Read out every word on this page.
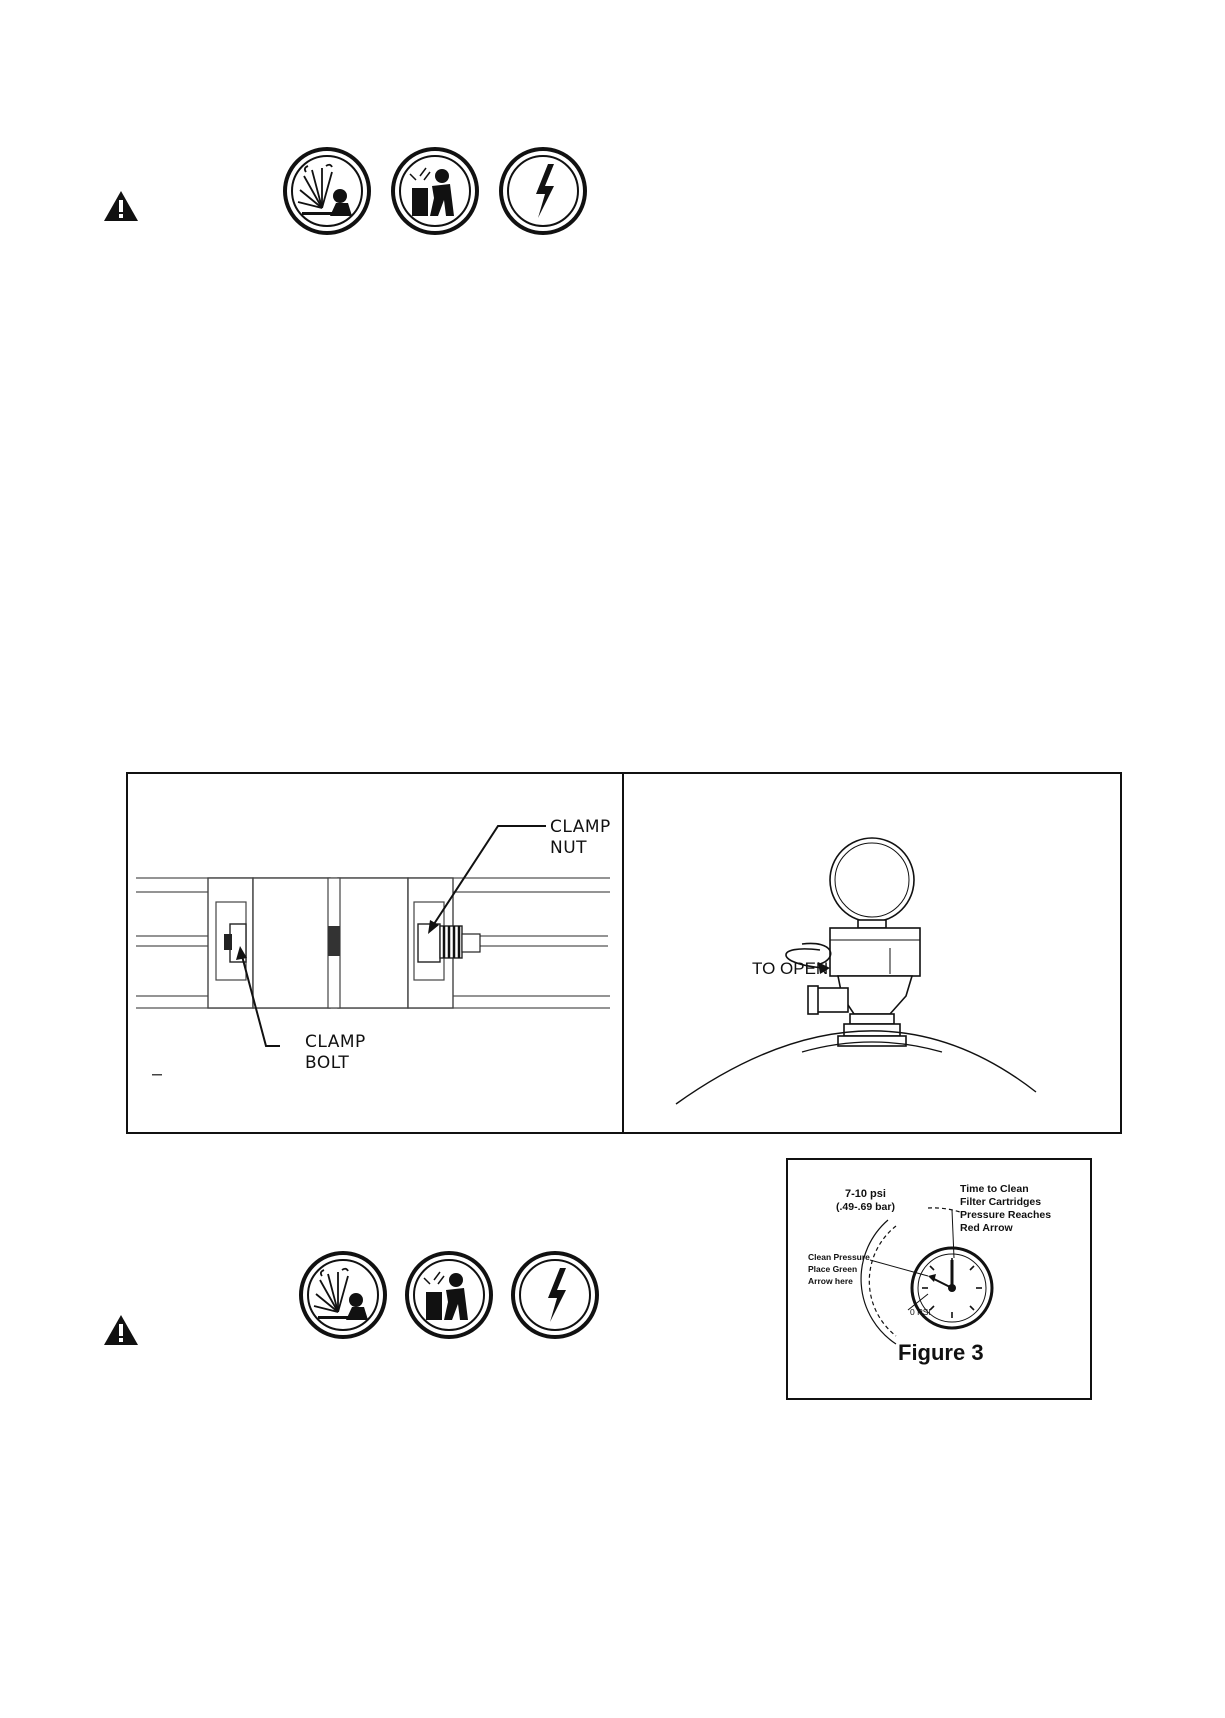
CLAMP
NUT
CLAMP
BOLT
TO OPEN
7-10 psi
(.49-.69 bar)
Time to Clean
Filter Cartridges
Pressure Reaches
Red Arrow
Clean Pressure
Place Green
Arrow here
0 PSI
Figure 3
